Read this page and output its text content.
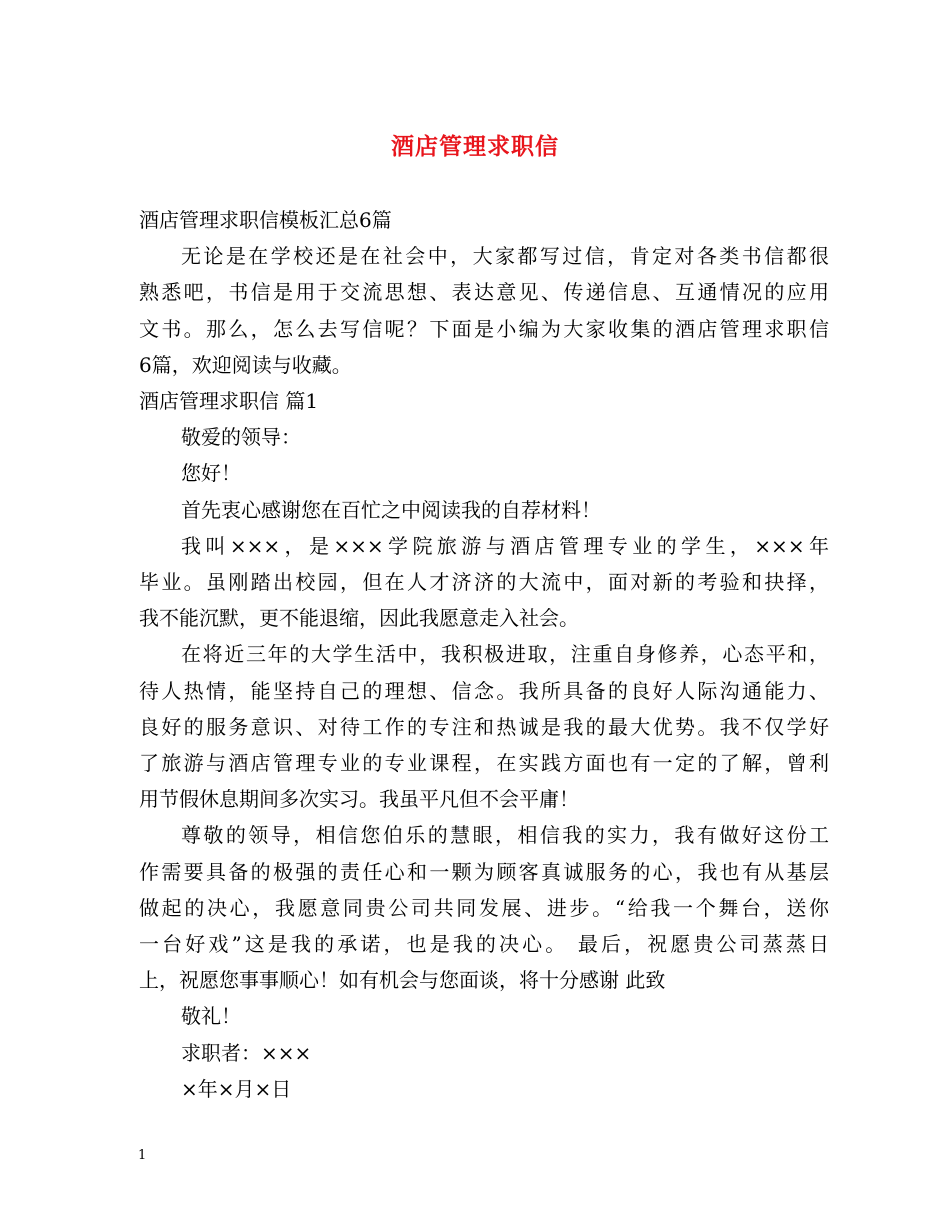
酒店管理求职信

酒店管理求职信模板汇总6篇

无论是在学校还是在社会中，大家都写过信，肯定对各类书信都很

熟悉吧，书信是用于交流思想、表达意见、传递信息、互通情况的应用

文书。那么，怎么去写信呢？下面是小编为大家收集的酒店管理求职信

6篇，欢迎阅读与收藏。

酒店管理求职信 篇1

敬爱的领导：

您好！

首先衷心感谢您在百忙之中阅读我的自荐材料！

我叫×××，是×××学院旅游与酒店管理专业的学生，×××年

毕业。虽刚踏出校园，但在人才济济的大流中，面对新的考验和抉择，

我不能沉默，更不能退缩，因此我愿意走入社会。

在将近三年的大学生活中，我积极进取，注重自身修养，心态平和，

待人热情，能坚持自己的理想、信念。我所具备的良好人际沟通能力、

良好的服务意识、对待工作的专注和热诚是我的最大优势。我不仅学好

了旅游与酒店管理专业的专业课程，在实践方面也有一定的了解，曾利

用节假休息期间多次实习。我虽平凡但不会平庸！

尊敬的领导，相信您伯乐的慧眼，相信我的实力，我有做好这份工

作需要具备的极强的责任心和一颗为顾客真诚服务的心，我也有从基层

做起的决心，我愿意同贵公司共同发展、进步。“给我一个舞台，送你

一台好戏”这是我的承诺，也是我的决心。 最后，祝愿贵公司蒸蒸日

上，祝愿您事事顺心！如有机会与您面谈，将十分感谢 此致

敬礼！

求职者：×××

×年×月×日

1
